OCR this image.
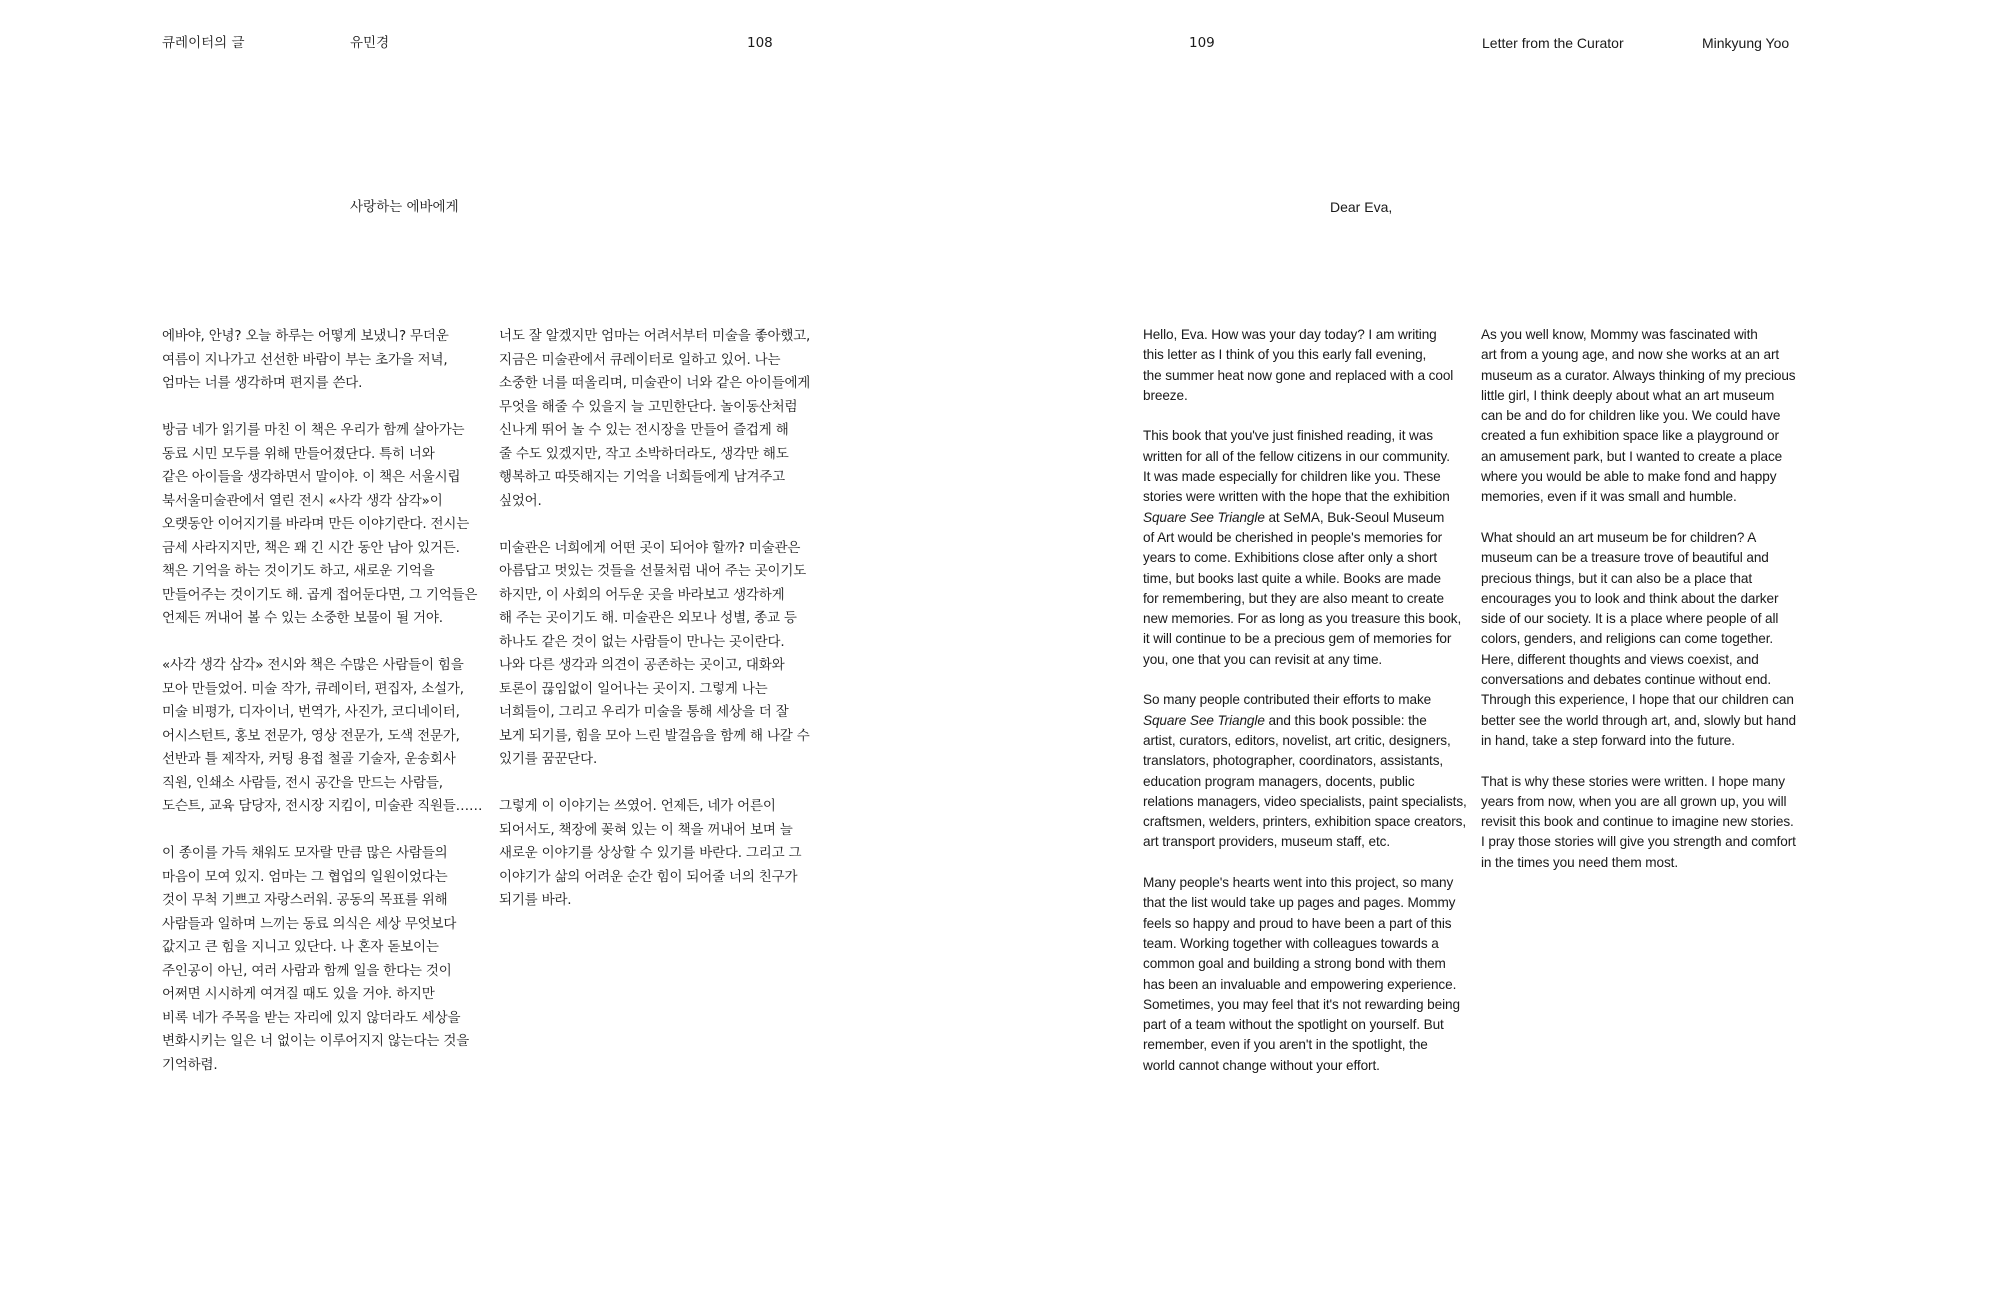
큐레이터의 글	유민경	108
사랑하는 에바에게

에바야, 안녕? 오늘 하루는 어떻게 보냈니? 무더운
여름이 지나가고 선선한 바람이 부는 초가을 저녁,
엄마는 너를 생각하며 편지를 쓴다.

방금 네가 읽기를 마친 이 책은 우리가 함께 살아가는
동료 시민 모두를 위해 만들어졌단다. 특히 너와
같은 아이들을 생각하면서 말이야. 이 책은 서울시립
북서울미술관에서 열린 전시 «사각 생각 삼각»이
오랫동안 이어지기를 바라며 만든 이야기란다. 전시는
금세 사라지지만, 책은 꽤 긴 시간 동안 남아 있거든.
책은 기억을 하는 것이기도 하고, 새로운 기억을
만들어주는 것이기도 해. 곱게 접어둔다면, 그 기억들은
언제든 꺼내어 볼 수 있는 소중한 보물이 될 거야.

«사각 생각 삼각» 전시와 책은 수많은 사람들이 힘을
모아 만들었어. 미술 작가, 큐레이터, 편집자, 소설가,
미술 비평가, 디자이너, 번역가, 사진가, 코디네이터,
어시스턴트, 홍보 전문가, 영상 전문가, 도색 전문가,
선반과 틀 제작자, 커팅 용접 철골 기술자, 운송회사
직원, 인쇄소 사람들, 전시 공간을 만드는 사람들,
도슨트, 교육 담당자, 전시장 지킴이, 미술관 직원들……

이 종이를 가득 채워도 모자랄 만큼 많은 사람들의
마음이 모여 있지. 엄마는 그 협업의 일원이었다는
것이 무척 기쁘고 자랑스러워. 공동의 목표를 위해
사람들과 일하며 느끼는 동료 의식은 세상 무엇보다
값지고 큰 힘을 지니고 있단다. 나 혼자 돋보이는
주인공이 아닌, 여러 사람과 함께 일을 한다는 것이
어쩌면 시시하게 여겨질 때도 있을 거야. 하지만
비록 네가 주목을 받는 자리에 있지 않더라도 세상을
변화시키는 일은 너 없이는 이루어지지 않는다는 것을
기억하렴.

너도 잘 알겠지만 엄마는 어려서부터 미술을 좋아했고,
지금은 미술관에서 큐레이터로 일하고 있어. 나는
소중한 너를 떠올리며, 미술관이 너와 같은 아이들에게
무엇을 해줄 수 있을지 늘 고민한단다. 놀이동산처럼
신나게 뛰어 놀 수 있는 전시장을 만들어 즐겁게 해
줄 수도 있겠지만, 작고 소박하더라도, 생각만 해도
행복하고 따뜻해지는 기억을 너희들에게 남겨주고
싶었어.

미술관은 너희에게 어떤 곳이 되어야 할까? 미술관은
아름답고 멋있는 것들을 선물처럼 내어 주는 곳이기도
하지만, 이 사회의 어두운 곳을 바라보고 생각하게
해 주는 곳이기도 해. 미술관은 외모나 성별, 종교 등
하나도 같은 것이 없는 사람들이 만나는 곳이란다.
나와 다른 생각과 의견이 공존하는 곳이고, 대화와
토론이 끊임없이 일어나는 곳이지. 그렇게 나는
너희들이, 그리고 우리가 미술을 통해 세상을 더 잘
보게 되기를, 힘을 모아 느린 발걸음을 함께 해 나갈 수
있기를 꿈꾼단다.

그렇게 이 이야기는 쓰였어. 언제든, 네가 어른이
되어서도, 책장에 꽂혀 있는 이 책을 꺼내어 보며 늘
새로운 이야기를 상상할 수 있기를 바란다. 그리고 그
이야기가 삶의 어려운 순간 힘이 되어줄 너의 친구가
되기를 바라.

109	Letter from the Curator	Minkyung Yoo
Dear Eva,

Hello, Eva. How was your day today? I am writing
this letter as I think of you this early fall evening,
the summer heat now gone and replaced with a cool
breeze.

This book that you've just finished reading, it was
written for all of the fellow citizens in our community.
It was made especially for children like you. These
stories were written with the hope that the exhibition
Square See Triangle at SeMA, Buk-Seoul Museum
of Art would be cherished in people's memories for
years to come. Exhibitions close after only a short
time, but books last quite a while. Books are made
for remembering, but they are also meant to create
new memories. For as long as you treasure this book,
it will continue to be a precious gem of memories for
you, one that you can revisit at any time.

So many people contributed their efforts to make
Square See Triangle and this book possible: the
artist, curators, editors, novelist, art critic, designers,
translators, photographer, coordinators, assistants,
education program managers, docents, public
relations managers, video specialists, paint specialists,
craftsmen, welders, printers, exhibition space creators,
art transport providers, museum staff, etc.

Many people's hearts went into this project, so many
that the list would take up pages and pages. Mommy
feels so happy and proud to have been a part of this
team. Working together with colleagues towards a
common goal and building a strong bond with them
has been an invaluable and empowering experience.
Sometimes, you may feel that it's not rewarding being
part of a team without the spotlight on yourself. But
remember, even if you aren't in the spotlight, the
world cannot change without your effort.

As you well know, Mommy was fascinated with
art from a young age, and now she works at an art
museum as a curator. Always thinking of my precious
little girl, I think deeply about what an art museum
can be and do for children like you. We could have
created a fun exhibition space like a playground or
an amusement park, but I wanted to create a place
where you would be able to make fond and happy
memories, even if it was small and humble.

What should an art museum be for children? A
museum can be a treasure trove of beautiful and
precious things, but it can also be a place that
encourages you to look and think about the darker
side of our society. It is a place where people of all
colors, genders, and religions can come together.
Here, different thoughts and views coexist, and
conversations and debates continue without end.
Through this experience, I hope that our children can
better see the world through art, and, slowly but hand
in hand, take a step forward into the future.

That is why these stories were written. I hope many
years from now, when you are all grown up, you will
revisit this book and continue to imagine new stories.
I pray those stories will give you strength and comfort
in the times you need them most.
